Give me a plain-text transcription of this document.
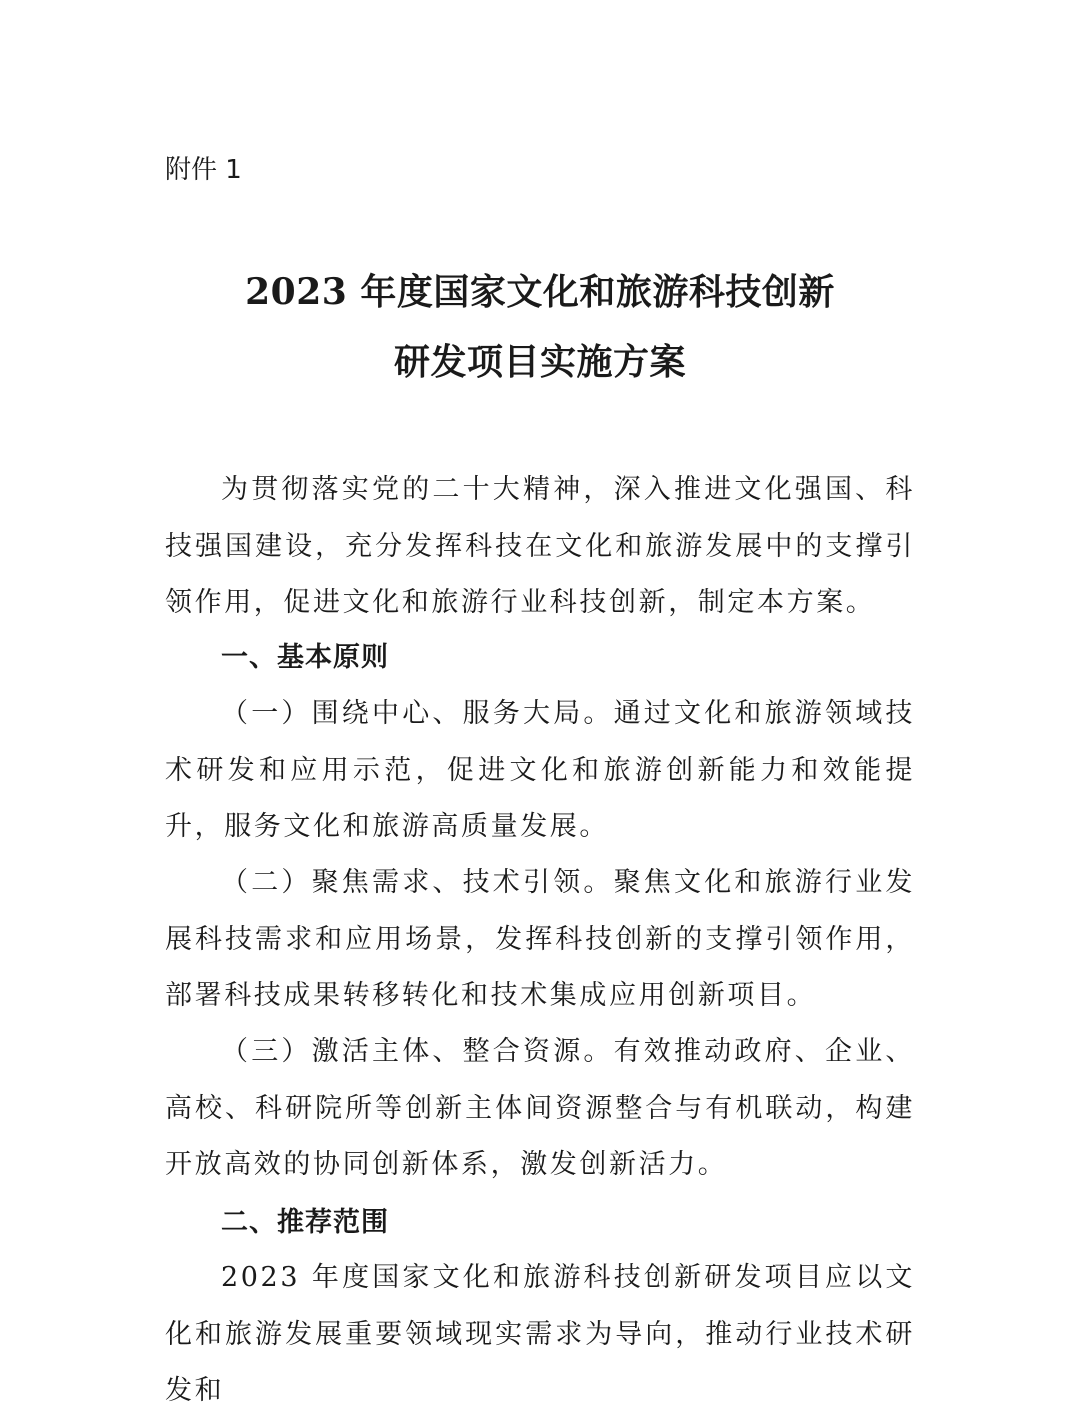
附件 1

2023 年度国家文化和旅游科技创新
研发项目实施方案

为贯彻落实党的二十大精神，深入推进文化强国、科技强国建设，充分发挥科技在文化和旅游发展中的支撑引领作用，促进文化和旅游行业科技创新，制定本方案。

一、基本原则

（一）围绕中心、服务大局。通过文化和旅游领域技术研发和应用示范，促进文化和旅游创新能力和效能提升，服务文化和旅游高质量发展。

（二）聚焦需求、技术引领。聚焦文化和旅游行业发展科技需求和应用场景，发挥科技创新的支撑引领作用，部署科技成果转移转化和技术集成应用创新项目。

（三）激活主体、整合资源。有效推动政府、企业、高校、科研院所等创新主体间资源整合与有机联动，构建开放高效的协同创新体系，激发创新活力。

二、推荐范围

2023 年度国家文化和旅游科技创新研发项目应以文化和旅游发展重要领域现实需求为导向，推动行业技术研发和
